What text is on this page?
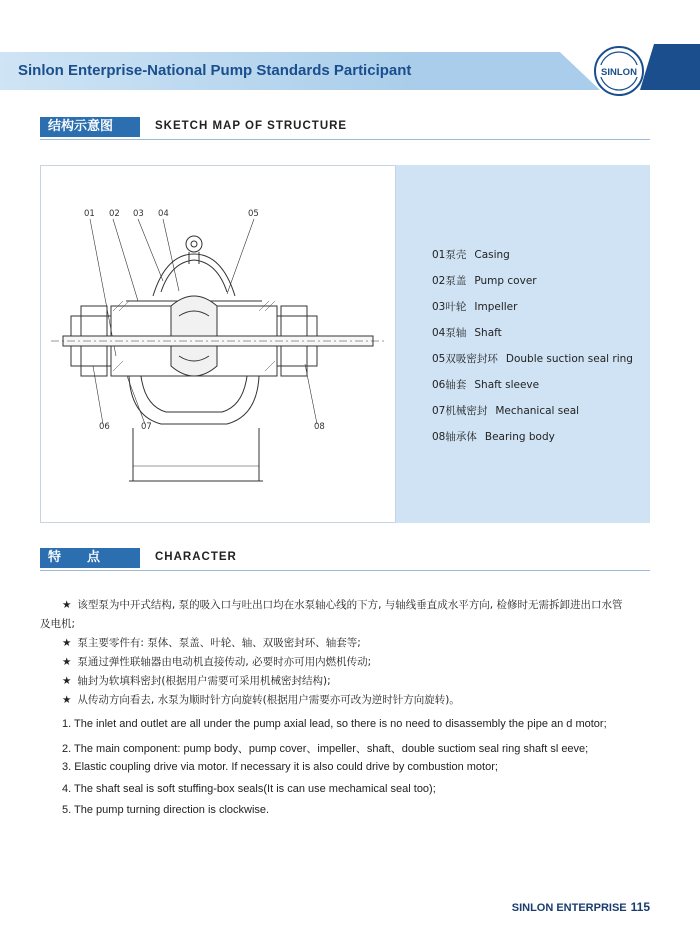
Sinlon Enterprise-National Pump Standards Participant	SINLON
结构示意图	SKETCH MAP OF STRUCTURE
01 02 03 04	05
06	07	08
01泵壳 Casing
02泵盖 Pump cover
03叶轮 Impeller
04泵轴 Shaft
05双吸密封环 Double suction seal ring
06轴套 Shaft sleeve
07机械密封 Mechanical seal
08轴承体 Bearing body
特　　点	CHARACTER
★ 该型泵为中开式结构, 泵的吸入口与吐出口均在水泵轴心线的下方, 与轴线垂直成水平方向, 检修时无需拆卸进出口水管
及电机;
★ 泵主要零件有: 泵体、泵盖、叶轮、轴、双吸密封环、轴套等;
★ 泵通过弹性联轴器由电动机直接传动, 必要时亦可用内燃机传动;
★ 轴封为软填料密封(根据用户需要可采用机械密封结构);
★ 从传动方向看去, 水泵为顺时针方向旋转(根据用户需要亦可改为逆时针方向旋转)。
1. The inlet and outlet are all under the pump axial lead, so there is no need to disassembly the pipe an d motor;
2. The main component: pump body、pump cover、impeller、shaft、double suctiom seal ring shaft sl eeve;
3. Elastic coupling drive via motor. If necessary it is also could drive by combustion motor;
4. The shaft seal is soft stuffing-box seals(It is can use mechamical seal too);
5. The pump turning direction is clockwise.
SINLON ENTERPRISE 115
